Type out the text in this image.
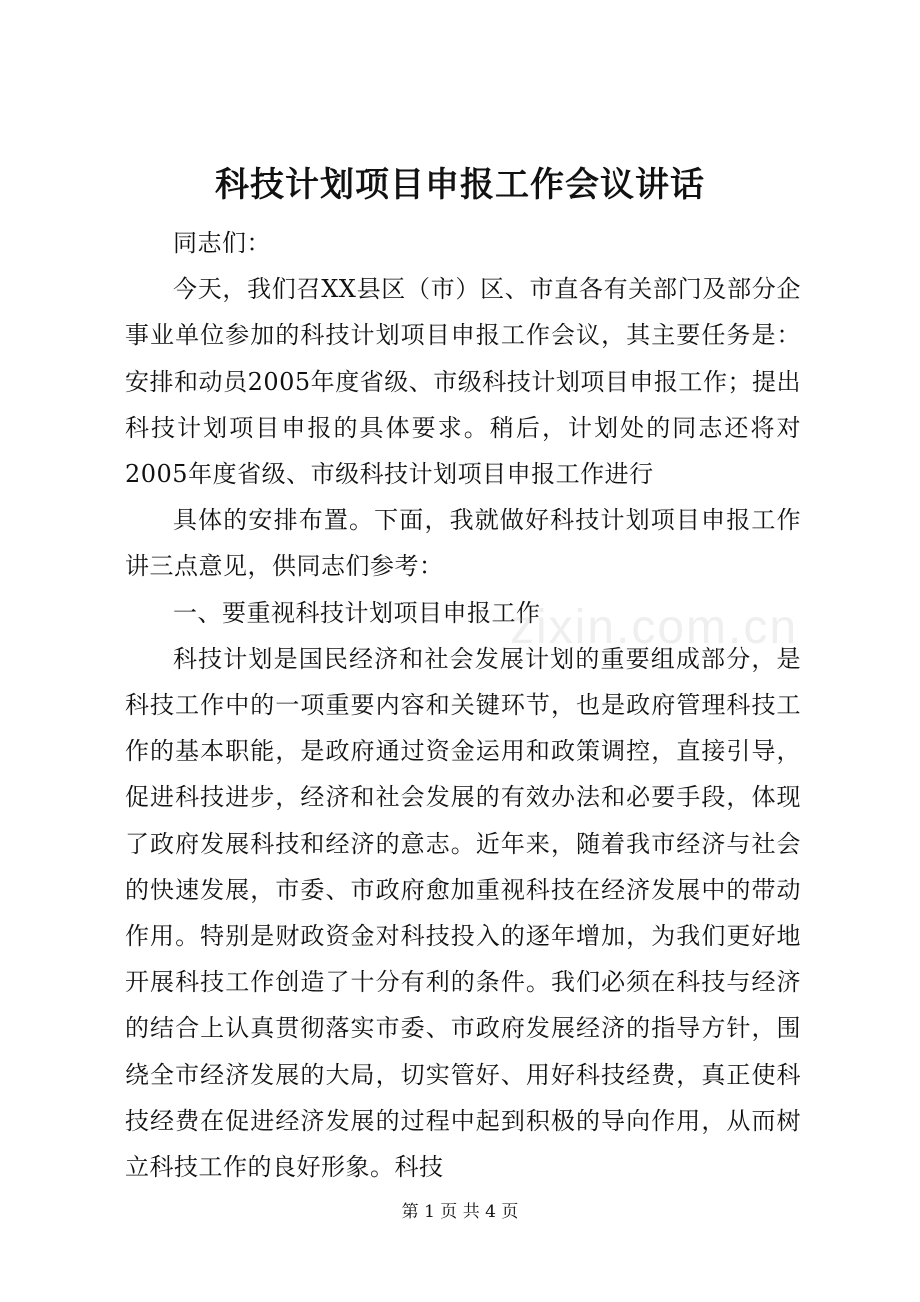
科技计划项目申报工作会议讲话

同志们：

今天，我们召XX县区（市）区、市直各有关部门及部分企事业单位参加的科技计划项目申报工作会议，其主要任务是：安排和动员2005年度省级、市级科技计划项目申报工作；提出科技计划项目申报的具体要求。稍后，计划处的同志还将对2005年度省级、市级科技计划项目申报工作进行

具体的安排布置。下面，我就做好科技计划项目申报工作讲三点意见，供同志们参考：

一、要重视科技计划项目申报工作

科技计划是国民经济和社会发展计划的重要组成部分，是科技工作中的一项重要内容和关键环节，也是政府管理科技工作的基本职能，是政府通过资金运用和政策调控，直接引导，促进科技进步，经济和社会发展的有效办法和必要手段，体现了政府发展科技和经济的意志。近年来，随着我市经济与社会的快速发展，市委、市政府愈加重视科技在经济发展中的带动作用。特别是财政资金对科技投入的逐年增加，为我们更好地开展科技工作创造了十分有利的条件。我们必须在科技与经济的结合上认真贯彻落实市委、市政府发展经济的指导方针，围绕全市经济发展的大局，切实管好、用好科技经费，真正使科技经费在促进经济发展的过程中起到积极的导向作用，从而树立科技工作的良好形象。科技

zixin.com.cn
第 1 页 共 4 页
